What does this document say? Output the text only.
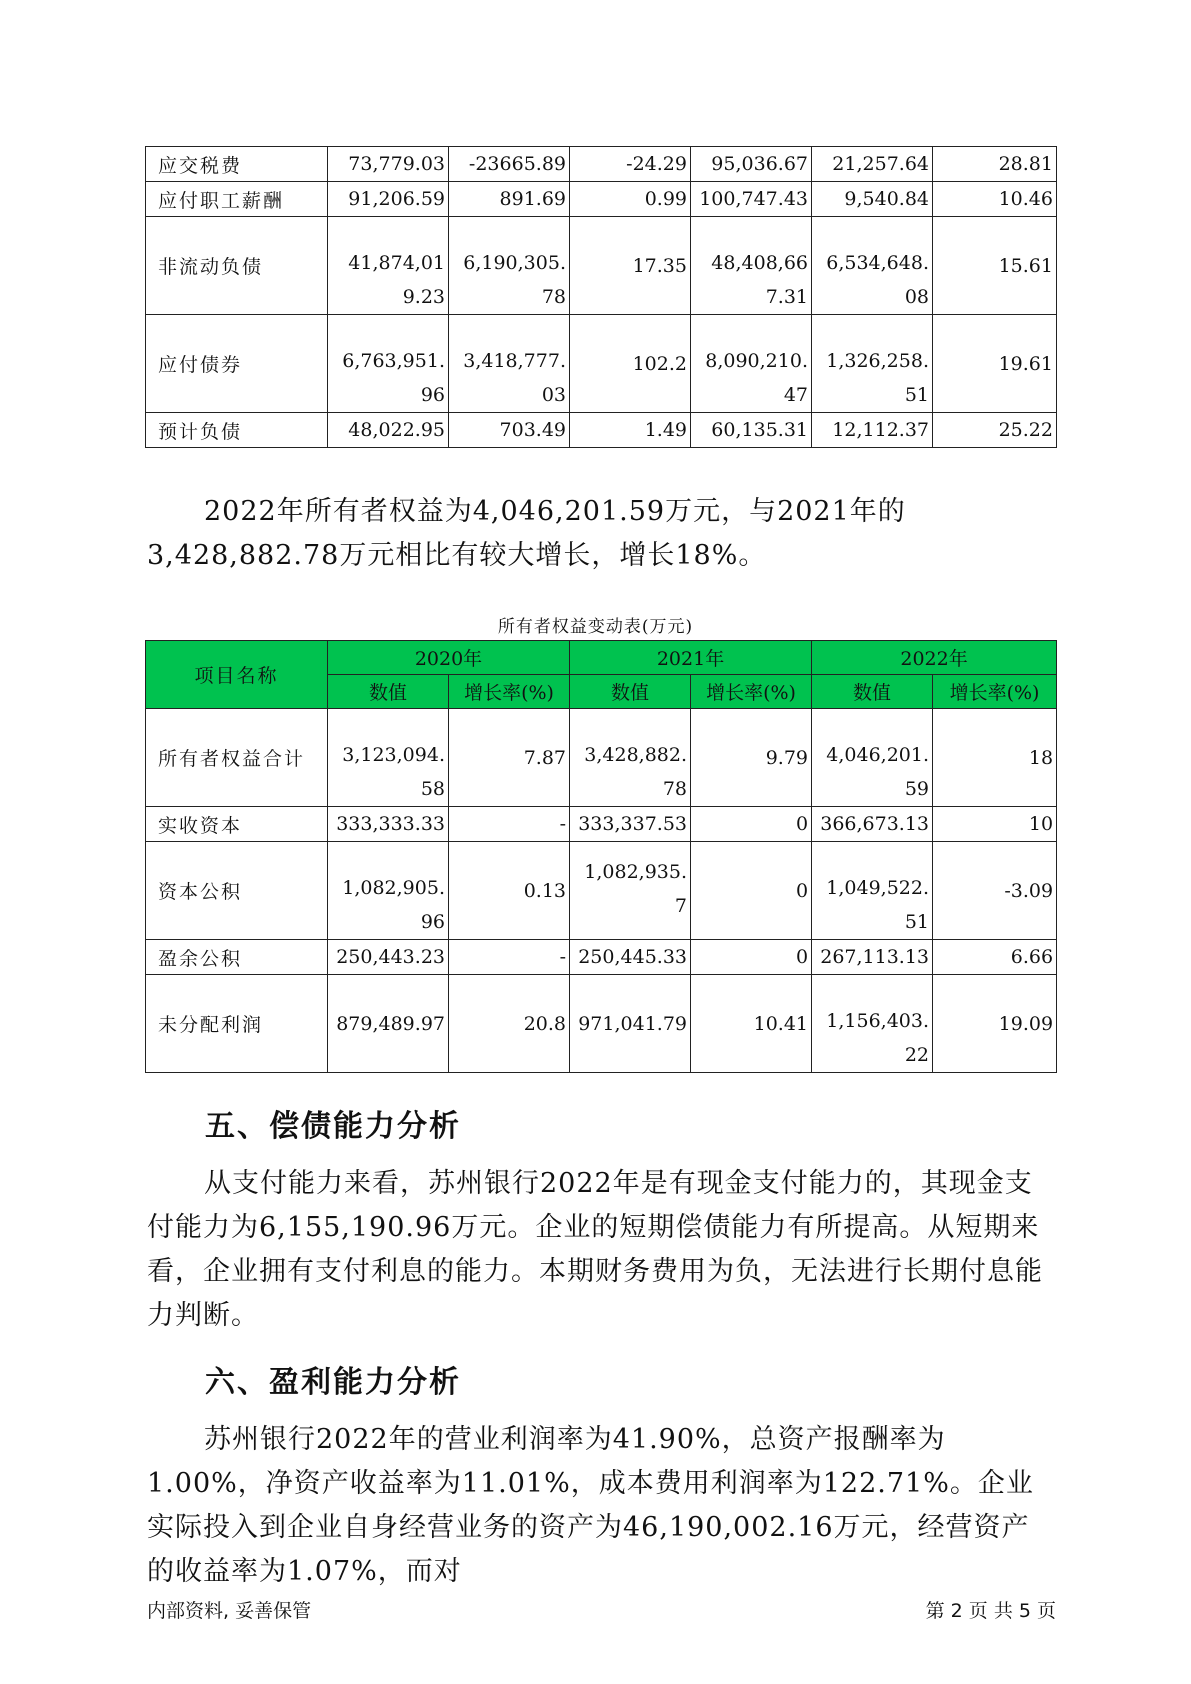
应交税费	73,779.03	-23665.89	-24.29	95,036.67	21,257.64	28.81
应付职工薪酬	91,206.59	891.69	0.99	100,747.43	9,540.84	10.46
非流动负债	41,874,019.23	6,190,305.78	17.35	48,408,667.31	6,534,648.08	15.61
应付债券	6,763,951.96	3,418,777.03	102.2	8,090,210.47	1,326,258.51	19.61
预计负债	48,022.95	703.49	1.49	60,135.31	12,112.37	25.22

2022年所有者权益为4,046,201.59万元，与2021年的3,428,882.78万元相比有较大增长，增长18%。

所有者权益变动表(万元)
项目名称	2020年		2021年		2022年	
	数值	增长率(%)	数值	增长率(%)	数值	增长率(%)
所有者权益合计	3,123,094.58	7.87	3,428,882.78	9.79	4,046,201.59	18
实收资本	333,333.33	-	333,337.53	0	366,673.13	10
资本公积	1,082,905.96	0.13	1,082,935.7	0	1,049,522.51	-3.09
盈余公积	250,443.23	-	250,445.33	0	267,113.13	6.66
未分配利润	879,489.97	20.8	971,041.79	10.41	1,156,403.22	19.09
五、偿债能力分析

从支付能力来看，苏州银行2022年是有现金支付能力的，其现金支付能力为6,155,190.96万元。企业的短期偿债能力有所提高。从短期来看，企业拥有支付利息的能力。本期财务费用为负，无法进行长期付息能力判断。

六、盈利能力分析

苏州银行2022年的营业利润率为41.90%，总资产报酬率为1.00%，净资产收益率为11.01%，成本费用利润率为122.71%。企业实际投入到企业自身经营业务的资产为46,190,002.16万元，经营资产的收益率为1.07%，而对

内部资料, 妥善保管	第 2 页 共 5 页
